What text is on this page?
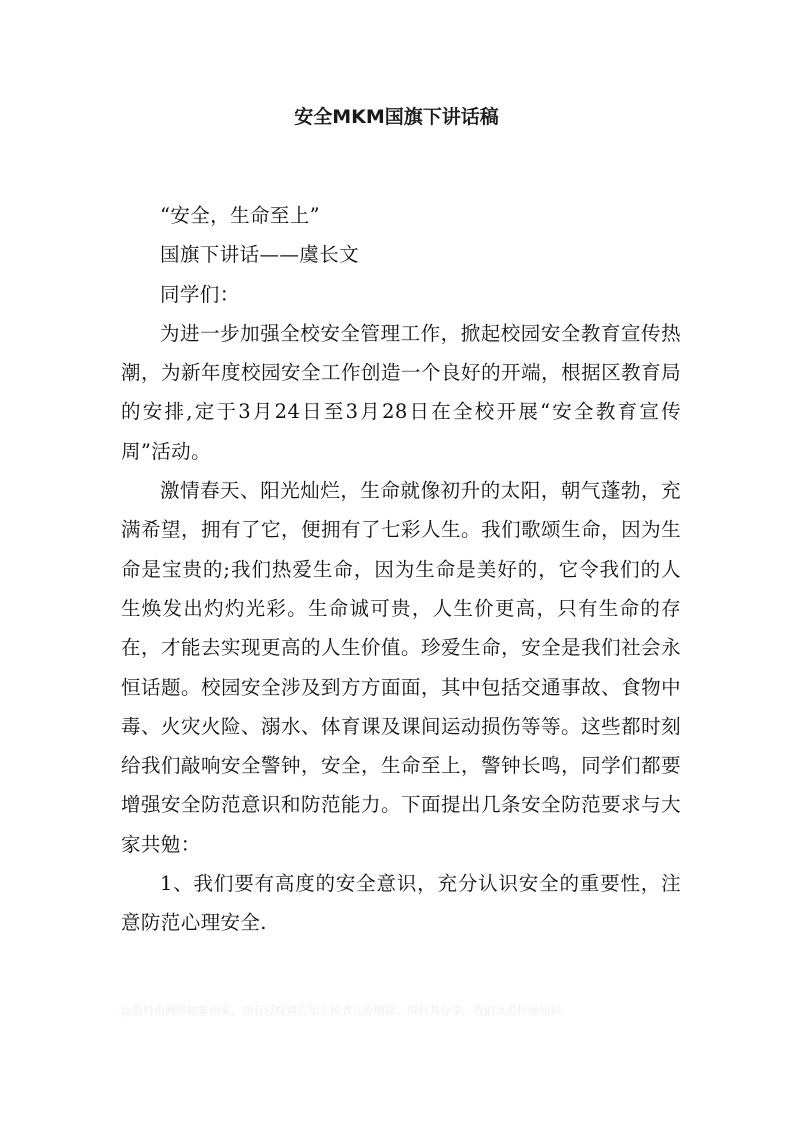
安全MKM国旗下讲话稿

“安全，生命至上”

国旗下讲话——虞长文

同学们：

为进一步加强全校安全管理工作，掀起校园安全教育宣传热潮，为新年度校园安全工作创造一个良好的开端，根据区教育局的安排,定于3月24日至3月28日在全校开展“安全教育宣传周”活动。

激情春天、阳光灿烂，生命就像初升的太阳，朝气蓬勃，充满希望，拥有了它，便拥有了七彩人生。我们歌颂生命，因为生命是宝贵的;我们热爱生命，因为生命是美好的，它令我们的人生焕发出灼灼光彩。生命诚可贵，人生价更高，只有生命的存在，才能去实现更高的人生价值。珍爱生命，安全是我们社会永恒话题。校园安全涉及到方方面面，其中包括交通事故、食物中毒、火灾火险、溺水、体育课及课间运动损伤等等。这些都时刻给我们敲响安全警钟，安全，生命至上，警钟长鸣，同学们都要增强安全防范意识和防范能力。下面提出几条安全防范要求与大家共勉：

1、我们要有高度的安全意识，充分认识安全的重要性，注意防范心理安全.

此资料由网络收集而来，如有侵权请告知上传者立即删除。资料共分享，我们负责传递知识。
